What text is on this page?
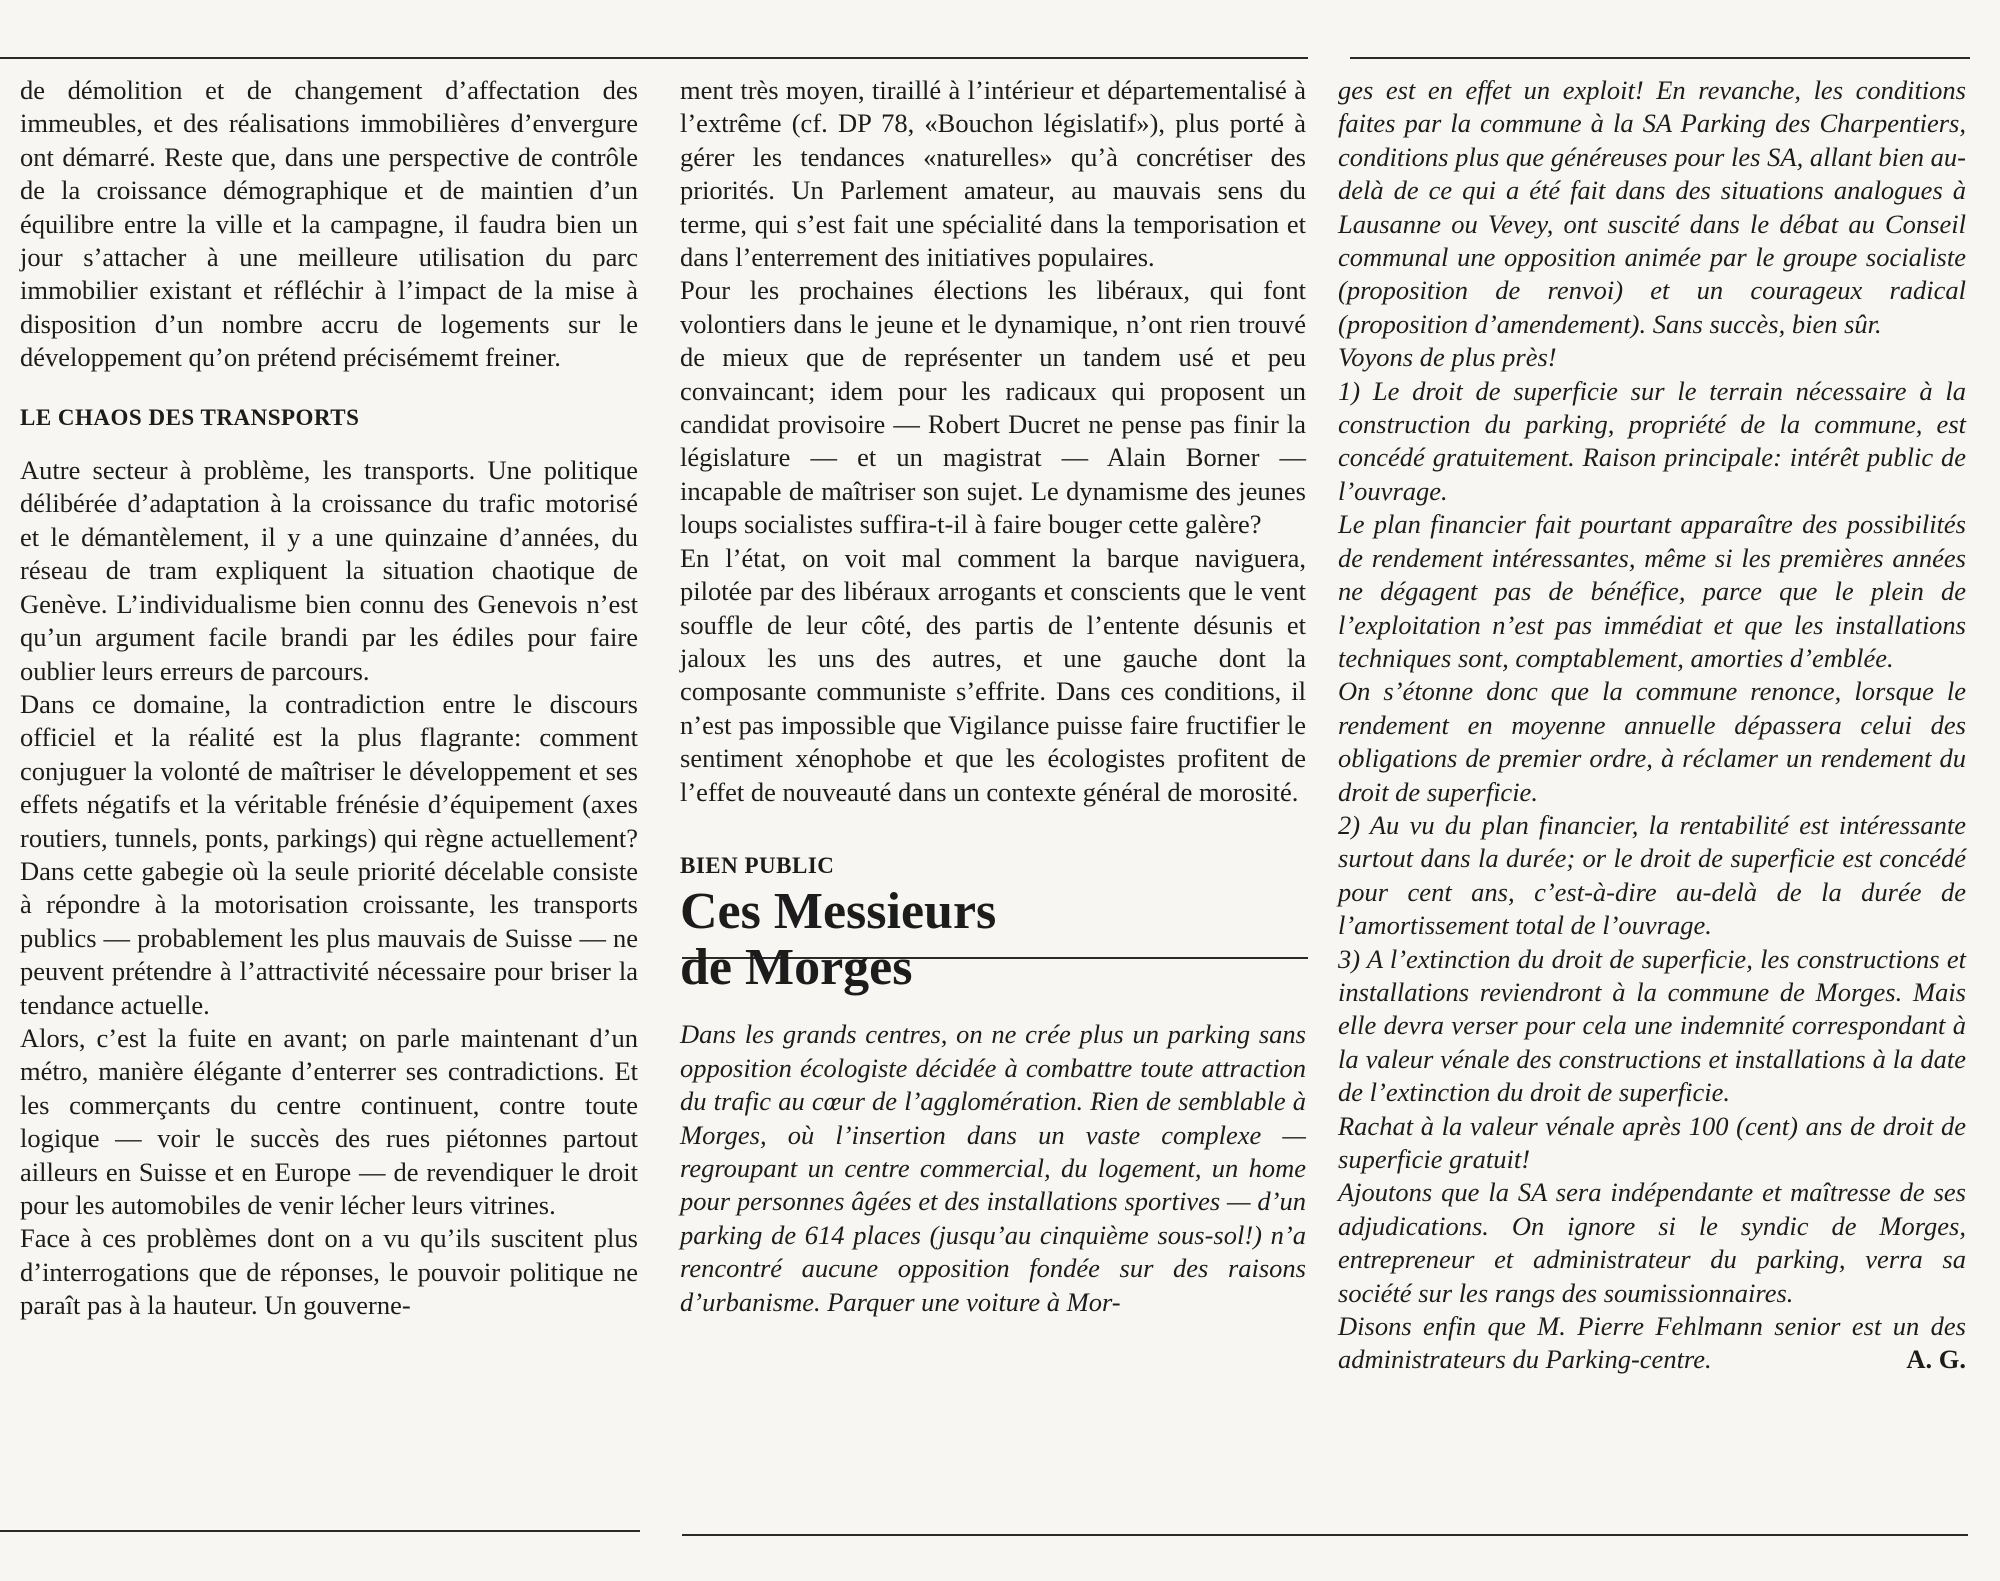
de démolition et de changement d’affectation des immeubles, et des réalisations immobilières d’envergure ont démarré. Reste que, dans une perspective de contrôle de la croissance démographique et de maintien d’un équilibre entre la ville et la campagne, il faudra bien un jour s’attacher à une meilleure utilisation du parc immobilier existant et réfléchir à l’impact de la mise à disposition d’un nombre accru de logements sur le développement qu’on prétend précisémemt freiner.

LE CHAOS DES TRANSPORTS

Autre secteur à problème, les transports. Une politique délibérée d’adaptation à la croissance du trafic motorisé et le démantèlement, il y a une quinzaine d’années, du réseau de tram expliquent la situation chaotique de Genève. L’individualisme bien connu des Genevois n’est qu’un argument facile brandi par les édiles pour faire oublier leurs erreurs de parcours.

Dans ce domaine, la contradiction entre le discours officiel et la réalité est la plus flagrante: comment conjuguer la volonté de maîtriser le développement et ses effets négatifs et la véritable frénésie d’équipement (axes routiers, tunnels, ponts, parkings) qui règne actuellement? Dans cette gabegie où la seule priorité décelable consiste à répondre à la motorisation croissante, les transports publics — probablement les plus mauvais de Suisse — ne peuvent prétendre à l’attractivité nécessaire pour briser la tendance actuelle.

Alors, c’est la fuite en avant; on parle maintenant d’un métro, manière élégante d’enterrer ses contradictions. Et les commerçants du centre continuent, contre toute logique — voir le succès des rues piétonnes partout ailleurs en Suisse et en Europe — de revendiquer le droit pour les automobiles de venir lécher leurs vitrines.

Face à ces problèmes dont on a vu qu’ils suscitent plus d’interrogations que de réponses, le pouvoir politique ne paraît pas à la hauteur. Un gouverne-

ment très moyen, tiraillé à l’intérieur et départementalisé à l’extrême (cf. DP 78, «Bouchon législatif»), plus porté à gérer les tendances «naturelles» qu’à concrétiser des priorités. Un Parlement amateur, au mauvais sens du terme, qui s’est fait une spécialité dans la temporisation et dans l’enterrement des initiatives populaires.

Pour les prochaines élections les libéraux, qui font volontiers dans le jeune et le dynamique, n’ont rien trouvé de mieux que de représenter un tandem usé et peu convaincant; idem pour les radicaux qui proposent un candidat provisoire — Robert Ducret ne pense pas finir la législature — et un magistrat — Alain Borner — incapable de maîtriser son sujet. Le dynamisme des jeunes loups socialistes suffira-t-il à faire bouger cette galère?

En l’état, on voit mal comment la barque naviguera, pilotée par des libéraux arrogants et conscients que le vent souffle de leur côté, des partis de l’entente désunis et jaloux les uns des autres, et une gauche dont la composante communiste s’effrite. Dans ces conditions, il n’est pas impossible que Vigilance puisse faire fructifier le sentiment xénophobe et que les écologistes profitent de l’effet de nouveauté dans un contexte général de morosité.

BIEN PUBLIC
Ces Messieurs
de Morges

Dans les grands centres, on ne crée plus un parking sans opposition écologiste décidée à combattre toute attraction du trafic au cœur de l’agglomération. Rien de semblable à Morges, où l’insertion dans un vaste complexe — regroupant un centre commercial, du logement, un home pour personnes âgées et des installations sportives — d’un parking de 614 places (jusqu’au cinquième sous-sol!) n’a rencontré aucune opposition fondée sur des raisons d’urbanisme. Parquer une voiture à Mor-

ges est en effet un exploit! En revanche, les conditions faites par la commune à la SA Parking des Charpentiers, conditions plus que généreuses pour les SA, allant bien au-delà de ce qui a été fait dans des situations analogues à Lausanne ou Vevey, ont suscité dans le débat au Conseil communal une opposition animée par le groupe socialiste (proposition de renvoi) et un courageux radical (proposition d’amendement). Sans succès, bien sûr.

Voyons de plus près!

1) Le droit de superficie sur le terrain nécessaire à la construction du parking, propriété de la commune, est concédé gratuitement. Raison principale: intérêt public de l’ouvrage.

Le plan financier fait pourtant apparaître des possibilités de rendement intéressantes, même si les premières années ne dégagent pas de bénéfice, parce que le plein de l’exploitation n’est pas immédiat et que les installations techniques sont, comptablement, amorties d’emblée.

On s’étonne donc que la commune renonce, lorsque le rendement en moyenne annuelle dépassera celui des obligations de premier ordre, à réclamer un rendement du droit de superficie.

2) Au vu du plan financier, la rentabilité est intéressante surtout dans la durée; or le droit de superficie est concédé pour cent ans, c’est-à-dire au-delà de la durée de l’amortissement total de l’ouvrage.

3) A l’extinction du droit de superficie, les constructions et installations reviendront à la commune de Morges. Mais elle devra verser pour cela une indemnité correspondant à la valeur vénale des constructions et installations à la date de l’extinction du droit de superficie.

Rachat à la valeur vénale après 100 (cent) ans de droit de superficie gratuit!

Ajoutons que la SA sera indépendante et maîtresse de ses adjudications. On ignore si le syndic de Morges, entrepreneur et administrateur du parking, verra sa société sur les rangs des soumissionnaires.

Disons enfin que M. Pierre Fehlmann senior est un des administrateurs du Parking-centre.	A. G.
